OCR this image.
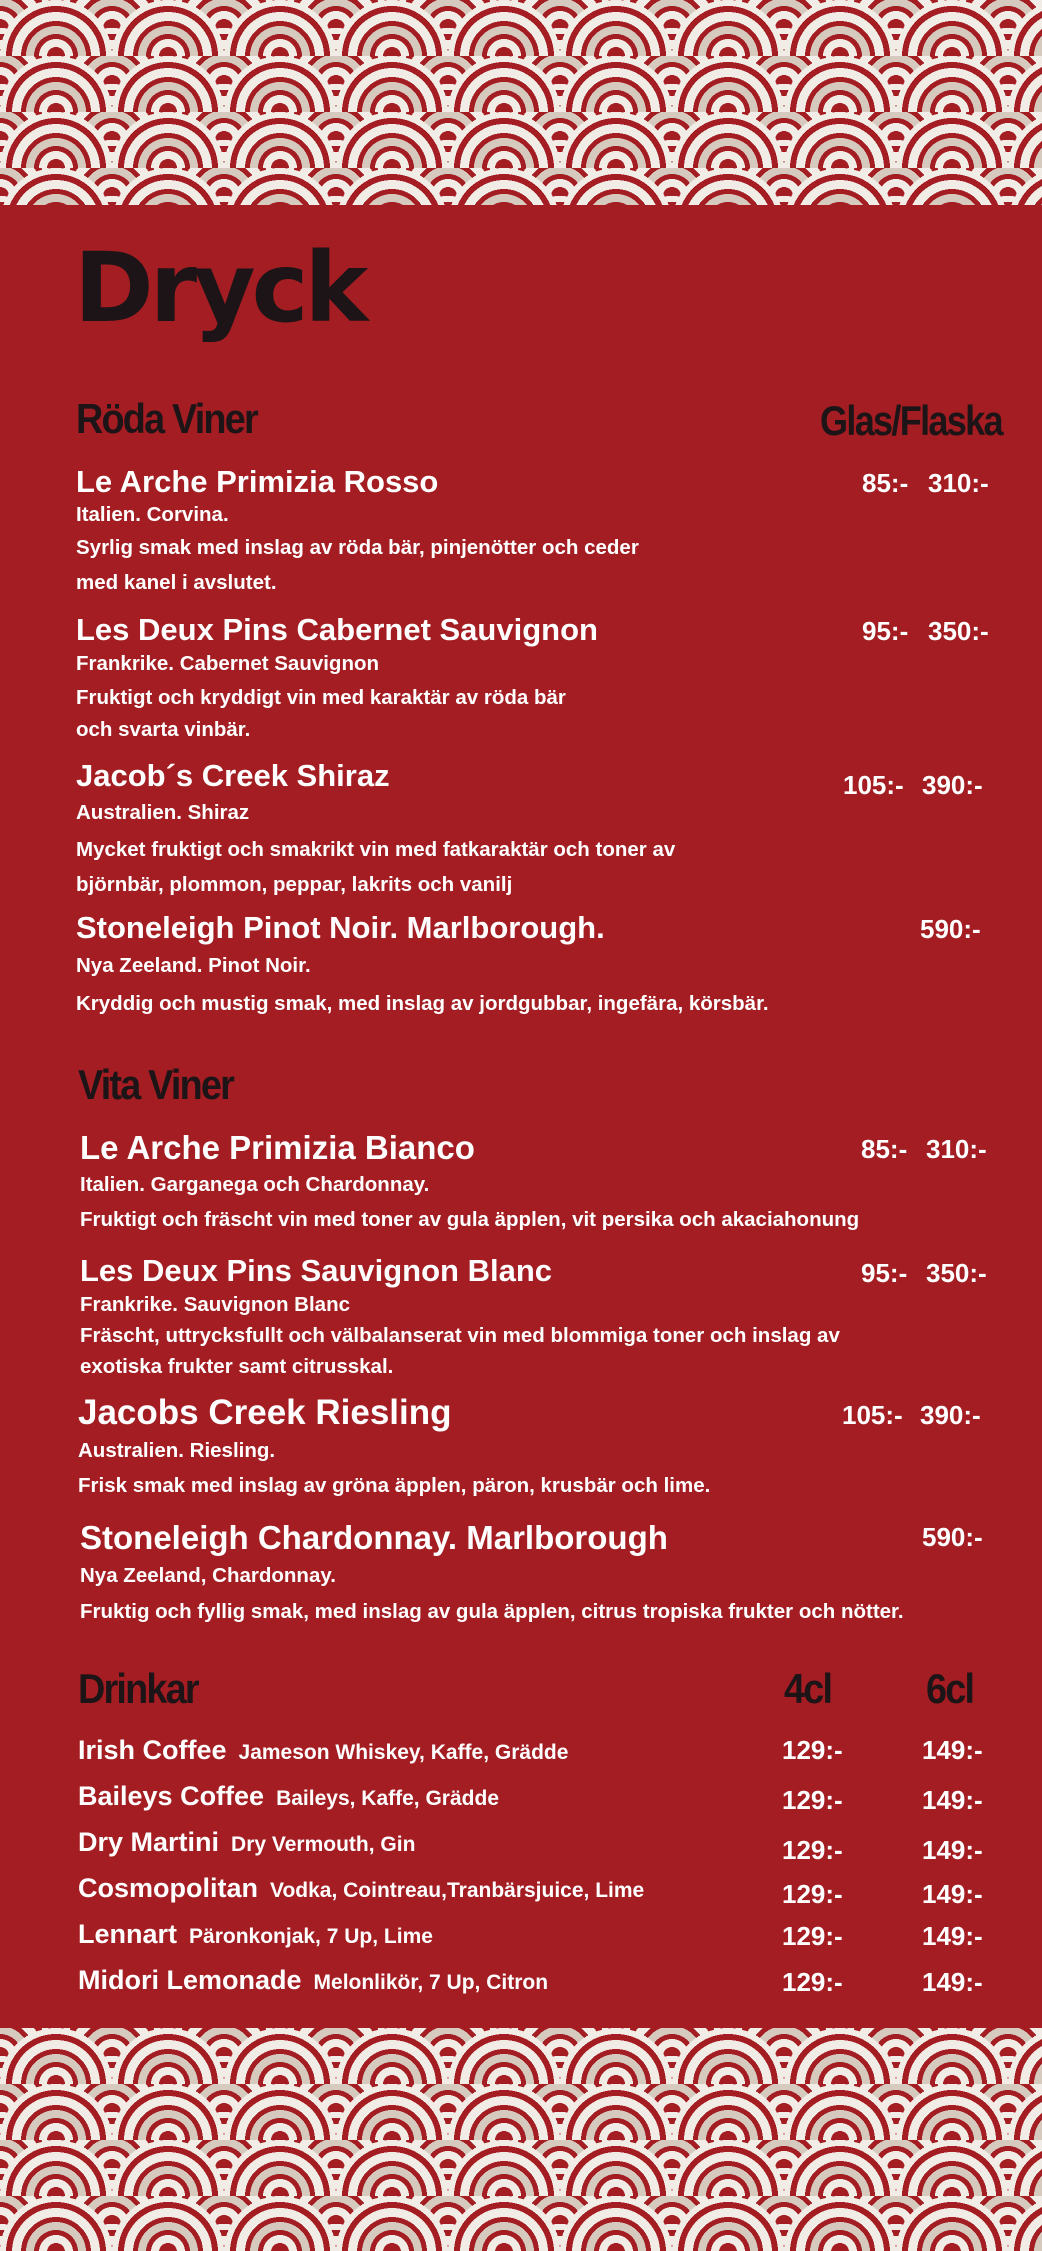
Dryck
Röda Viner	Glas/Flaska
Le Arche Primizia Rosso
Italien. Corvina.
Syrlig smak med inslag av röda bär, pinjenötter och ceder
med kanel i avslutet.
85:- 310:-
Les Deux Pins Cabernet Sauvignon
Frankrike. Cabernet Sauvignon
Fruktigt och kryddigt vin med karaktär av röda bär
och svarta vinbär.
95:- 350:-
Jacob´s Creek Shiraz
Australien. Shiraz
Mycket fruktigt och smakrikt vin med fatkaraktär och toner av
björnbär, plommon, peppar, lakrits och vanilj
105:- 390:-
Stoneleigh Pinot Noir. Marlborough.
Nya Zeeland. Pinot Noir.
Kryddig och mustig smak, med inslag av jordgubbar, ingefära, körsbär.
590:-
Vita Viner
Le Arche Primizia Bianco
Italien. Garganega och Chardonnay.
Fruktigt och fräscht vin med toner av gula äpplen, vit persika och akaciahonung
85:- 310:-
Les Deux Pins Sauvignon Blanc
Frankrike. Sauvignon Blanc
Fräscht, uttrycksfullt och välbalanserat vin med blommiga toner och inslag av
exotiska frukter samt citrusskal.
95:- 350:-
Jacobs Creek Riesling
Australien. Riesling.
Frisk smak med inslag av gröna äpplen, päron, krusbär och lime.
105:- 390:-
Stoneleigh Chardonnay. Marlborough
Nya Zeeland, Chardonnay.
Fruktig och fyllig smak, med inslag av gula äpplen, citrus tropiska frukter och nötter.
590:-
Drinkar	4cl 6cl
Irish Coffee Jameson Whiskey, Kaffe, Grädde	129:-	149:-
Baileys Coffee Baileys, Kaffe, Grädde	129:-	149:-
Dry Martini Dry Vermouth, Gin	129:-	149:-
Cosmopolitan Vodka, Cointreau,Tranbärsjuice, Lime	129:-	149:-
Lennart Päronkonjak, 7 Up, Lime	129:-	149:-
Midori Lemonade Melonlikör, 7 Up, Citron	129:-	149:-
